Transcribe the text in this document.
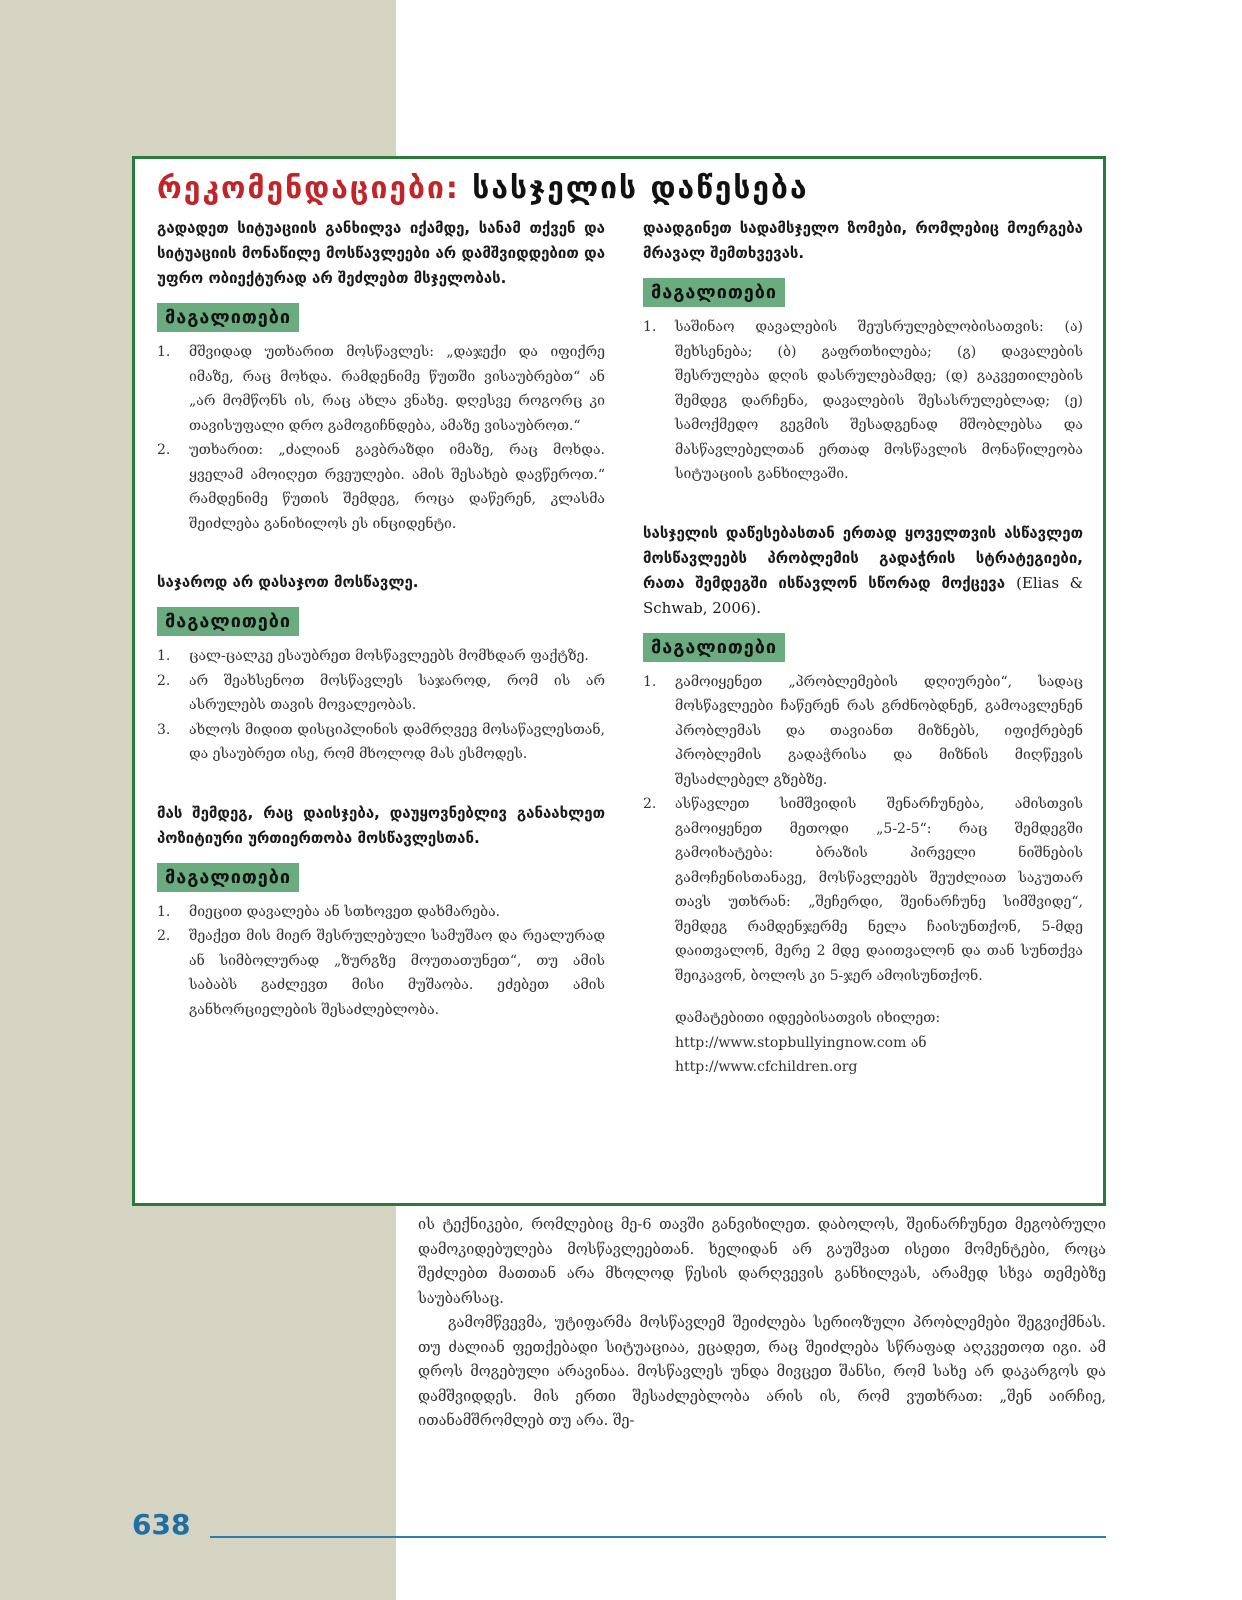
რეკომენდაციები: სასჯელის დაწესება

გადადეთ სიტუაციის განხილვა იქამდე, სანამ თქვენ და სიტუაციის მონაწილე მოსწავლეები არ დამშვიდდებით და უფრო ობიექტურად არ შეძლებთ მსჯელობას.

მაგალითები
1.	მშვიდად უთხარით მოსწავლეს: „დაჯექი და იფიქრე იმაზე, რაც მოხდა. რამდენიმე წუთში ვისაუბრებთ“ ან „არ მომწონს ის, რაც ახლა ვნახე. დღესვე როგორც კი თავისუფალი დრო გამოგიჩნდება, ამაზე ვისაუბროთ.“
2.	უთხარით: „ძალიან გავბრაზდი იმაზე, რაც მოხდა. ყველამ ამოიღეთ რვეულები. ამის შესახებ დავწეროთ.“ რამდენიმე წუთის შემდეგ, როცა დაწერენ, კლასმა შეიძლება განიხილოს ეს ინციდენტი.

საჯაროდ არ დასაჯოთ მოსწავლე.

მაგალითები
1.	ცალ-ცალკე ესაუბრეთ მოსწავლეებს მომხდარ ფაქტზე.
2.	არ შეახსენოთ მოსწავლეს საჯაროდ, რომ ის არ ასრულებს თავის მოვალეობას.
3.	ახლოს მიდით დისციპლინის დამრღვევ მოსაწავლესთან, და ესაუბრეთ ისე, რომ მხოლოდ მას ესმოდეს.

მას შემდეგ, რაც დაისჯება, დაუყოვნებლივ განაახლეთ პოზიტიური ურთიერთობა მოსწავლესთან.

მაგალითები
1.	მიეცით დავალება ან სთხოვეთ დახმარება.
2.	შეაქეთ მის მიერ შესრულებული სამუშაო და რეალურად ან სიმბოლურად „ზურგზე მოუთათუნეთ“, თუ ამის საბაბს გაძლევთ მისი მუშაობა. ეძებეთ ამის განხორციელების შესაძლებლობა.

დაადგინეთ სადამსჯელო ზომები, რომლებიც მოერგება მრავალ შემთხვევას.

მაგალითები
1.	საშინაო დავალების შეუსრულებლობისათვის: (ა) შეხსენება; (ბ) გაფრთხილება; (გ) დავალების შესრულება დღის დასრულებამდე; (დ) გაკვეთილების შემდეგ დარჩენა, დავალების შესასრულებლად; (ე) სამოქმედო გეგმის შესადგენად მშობლებსა და მასწავლებელთან ერთად მოსწავლის მონაწილეობა სიტუაციის განხილვაში.

სასჯელის დაწესებასთან ერთად ყოველთვის ასწავლეთ მოსწავლეებს პრობლემის გადაჭრის სტრატეგიები, რათა შემდეგში ისწავლონ სწორად მოქცევა (Elias & Schwab, 2006).

მაგალითები
1.	გამოიყენეთ „პრობლემების დღიურები“, სადაც მოსწავლეები ჩაწერენ რას გრძნობდნენ, გამოავლენენ პრობლემას და თავიანთ მიზნებს, იფიქრებენ პრობლემის გადაჭრისა და მიზნის მიღწევის შესაძლებელ გზებზე.
2.	ასწავლეთ სიმშვიდის შენარჩუნება, ამისთვის გამოიყენეთ მეთოდი „5-2-5“: რაც შემდეგში გამოიხატება: ბრაზის პირველი ნიშნების გამოჩენისთანავე, მოსწავლეებს შეუძლიათ საკუთარ თავს უთხრან: „შეჩერდი, შეინარჩუნე სიმშვიდე“, შემდეგ რამდენჯერმე ნელა ჩაისუნთქონ, 5-მდე დაითვალონ, მერე 2 მდე დაითვალონ და თან სუნთქვა შეიკავონ, ბოლოს კი 5-ჯერ ამოისუნთქონ.
დამატებითი იდეებისათვის იხილეთ:
http://www.stopbullyingnow.com ან
http://www.cfchildren.org

ის ტექნიკები, რომლებიც მე-6 თავში განვიხილეთ. დაბოლოს, შეინარჩუნეთ მეგობრული დამოკიდებულება მოსწავლეებთან. ხელიდან არ გაუშვათ ისეთი მომენტები, როცა შეძლებთ მათთან არა მხოლოდ წესის დარღვევის განხილვას, არამედ სხვა თემებზე საუბარსაც.

გამომწვევმა, უტიფარმა მოსწავლემ შეიძლება სერიოზული პრობლემები შეგვიქმნას. თუ ძალიან ფეთქებადი სიტუაციაა, ეცადეთ, რაც შეიძლება სწრაფად აღკვეთოთ იგი. ამ დროს მოგებული არავინაა. მოსწავლეს უნდა მივცეთ შანსი, რომ სახე არ დაკარგოს და დამშვიდდეს. მის ერთი შესაძლებლობა არის ის, რომ ვუთხრათ: „შენ აირჩიე, ითანამშრომლებ თუ არა. შე-

638
